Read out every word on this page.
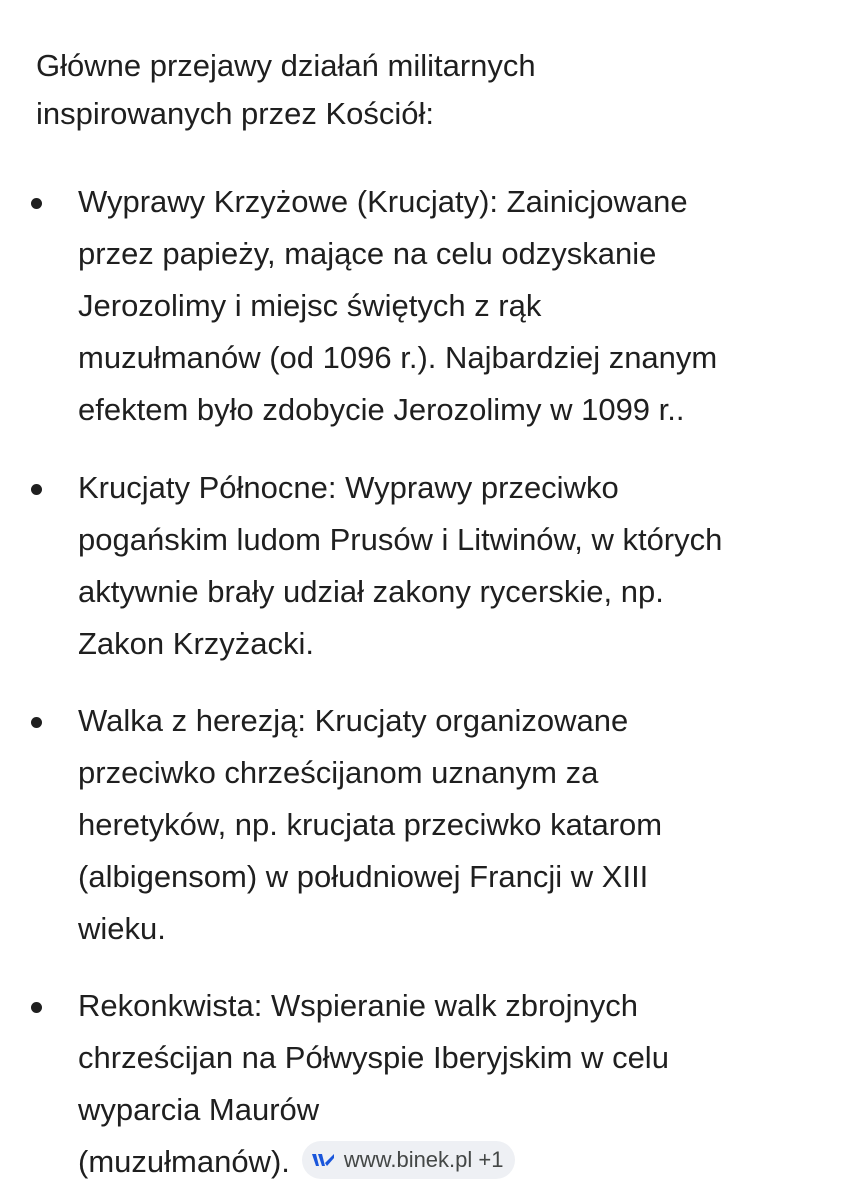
Główne przejawy działań militarnych
inspirowanych przez Kościół:

Wyprawy Krzyżowe (Krucjaty): Zainicjowane
przez papieży, mające na celu odzyskanie
Jerozolimy i miejsc świętych z rąk
muzułmanów (od 1096 r.). Najbardziej znanym
efektem było zdobycie Jerozolimy w 1099 r..

Krucjaty Północne: Wyprawy przeciwko
pogańskim ludom Prusów i Litwinów, w których
aktywnie brały udział zakony rycerskie, np.
Zakon Krzyżacki.

Walka z herezją: Krucjaty organizowane
przeciwko chrześcijanom uznanym za
heretyków, np. krucjata przeciwko katarom
(albigensom) w południowej Francji w XIII
wieku.

Rekonkwista: Wspieranie walk zbrojnych
chrześcijan na Półwyspie Iberyjskim w celu
wyparcia Maurów
(muzułmanów). www.binek.pl +1
